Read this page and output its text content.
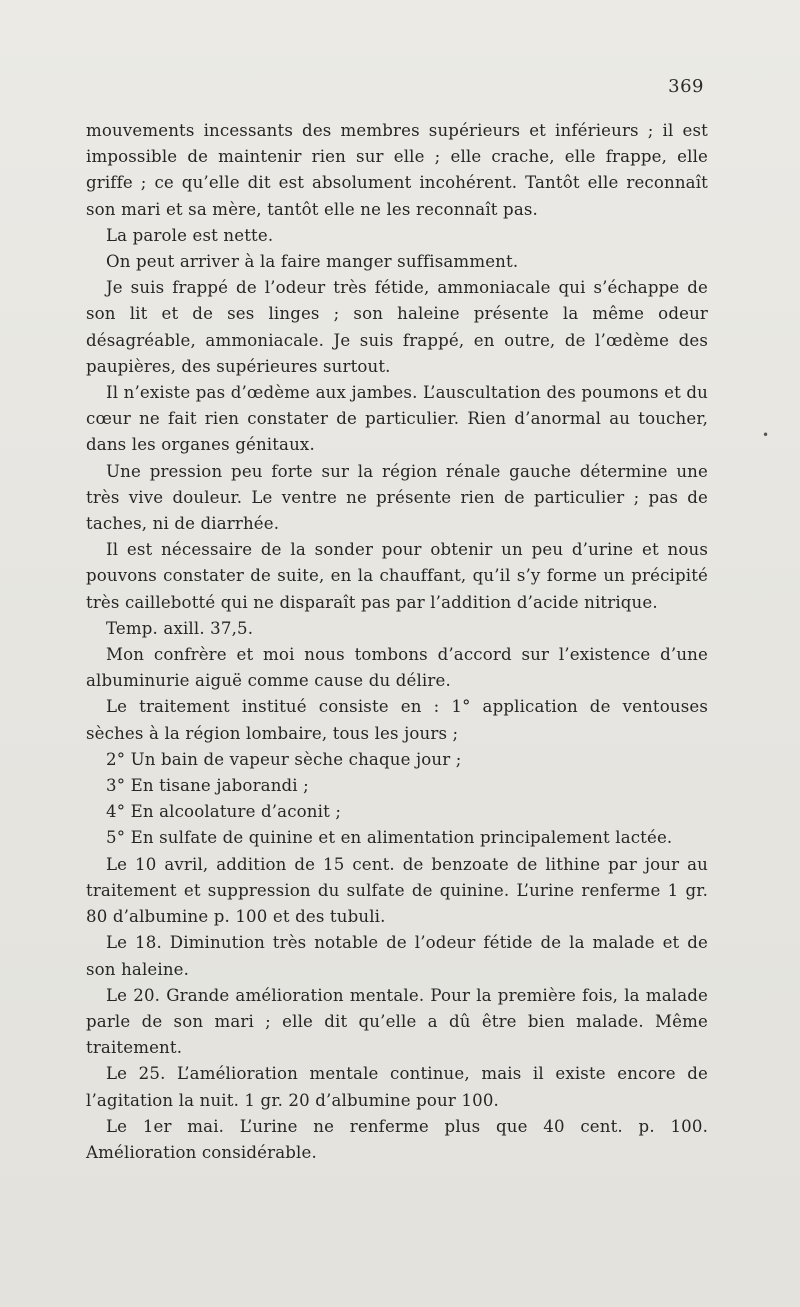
369

mouvements incessants des membres supérieurs et inférieurs ; il est impossible de maintenir rien sur elle ; elle crache, elle frappe, elle griffe ; ce qu’elle dit est absolument incohérent. Tantôt elle reconnaît son mari et sa mère, tantôt elle ne les reconnaît pas.

La parole est nette.

On peut arriver à la faire manger suffisamment.

Je suis frappé de l’odeur très fétide, ammoniacale qui s’échappe de son lit et de ses linges ; son haleine présente la même odeur désagréable, ammoniacale. Je suis frappé, en outre, de l’œdème des paupières, des supérieures surtout.

Il n’existe pas d’œdème aux jambes. L’auscultation des poumons et du cœur ne fait rien constater de particulier. Rien d’anormal au toucher, dans les organes génitaux.

Une pression peu forte sur la région rénale gauche détermine une très vive douleur. Le ventre ne présente rien de particulier ; pas de taches, ni de diarrhée.

Il est nécessaire de la sonder pour obtenir un peu d’urine et nous pouvons constater de suite, en la chauffant, qu’il s’y forme un précipité très caillebotté qui ne disparaît pas par l’addition d’acide nitrique.

Temp. axill. 37,5.

Mon confrère et moi nous tombons d’accord sur l’existence d’une albuminurie aiguë comme cause du délire.

Le traitement institué consiste en : 1° application de ventouses sèches à la région lombaire, tous les jours ;

2° Un bain de vapeur sèche chaque jour ;

3° En tisane jaborandi ;

4° En alcoolature d’aconit ;

5° En sulfate de quinine et en alimentation principalement lactée.

Le 10 avril, addition de 15 cent. de benzoate de lithine par jour au traitement et suppression du sulfate de quinine. L’urine renferme 1 gr. 80 d’albumine p. 100 et des tubuli.

Le 18. Diminution très notable de l’odeur fétide de la malade et de son haleine.

Le 20. Grande amélioration mentale. Pour la première fois, la malade parle de son mari ; elle dit qu’elle a dû être bien malade. Même traitement.

Le 25. L’amélioration mentale continue, mais il existe encore de l’agitation la nuit. 1 gr. 20 d’albumine pour 100.

Le 1er mai. L’urine ne renferme plus que 40 cent. p. 100. Amélioration considérable.

•
